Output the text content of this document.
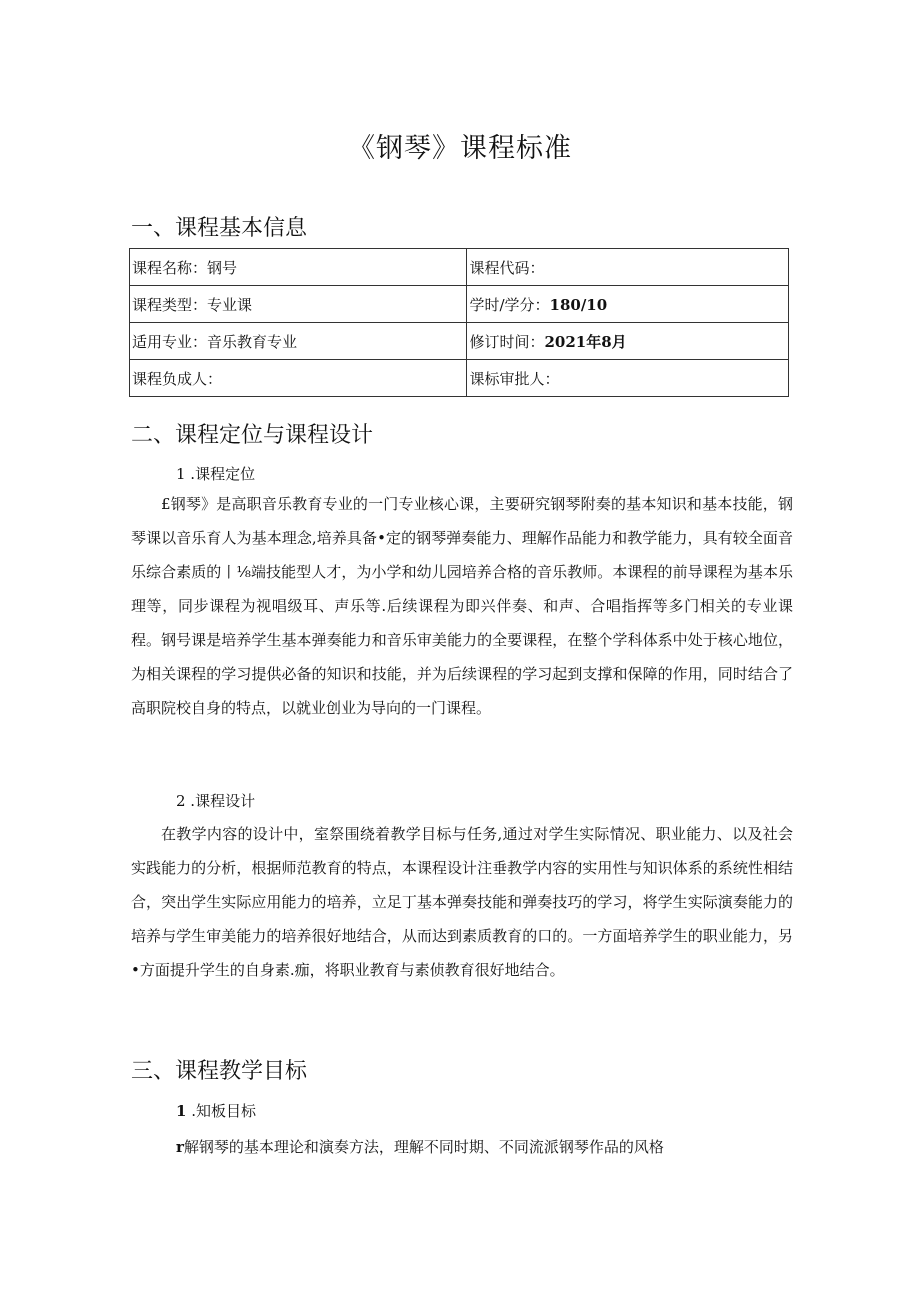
《钢琴》课程标准
一、课程基本信息
课程名称：钢号	课程代码：
课程类型：专业课	学时/学分：180/10
适用专业：音乐教育专业	修订时间：2021年8月
课程负成人：	课标审批人：
二、课程定位与课程设计
1 .课程定位

£钢琴》是高职音乐教育专业的一门专业核心课，主要研究钢琴附奏的基本知识和基本技能，钢琴课以音乐育人为基本理念,培养具备•定的钢琴弹奏能力、理解作品能力和教学能力，具有较全面音乐综合素质的丨⅛端技能型人才，为小学和幼儿园培养合格的音乐教师。本课程的前导课程为基本乐理等，同步课程为视唱级耳、声乐等.后续课程为即兴伴奏、和声、合唱指挥等多门相关的专业课程。钢号课是培养学生基本弹奏能力和音乐审美能力的全要课程，在整个学科体系中处于核心地位，为相关课程的学习提供必备的知识和技能，并为后续课程的学习起到支撑和保障的作用，同时结合了高职院校自身的特点，以就业创业为导向的一门课程。

2 .课程设计

在教学内容的设计中，室祭围绕着教学目标与任务,通过对学生实际情况、职业能力、以及社会实践能力的分析，根据师范教育的特点，本课程设计注垂教学内容的实用性与知识体系的系统性相结合，突出学生实际应用能力的培养，立足丁基本弹奏技能和弹奏技巧的学习，将学生实际演奏能力的培养与学生审美能力的培养很好地结合，从而达到素质教育的口的。一方面培养学生的职业能力，另•方面提升学生的自身素.痂，将职业教育与素侦教育很好地结合。

三、课程教学目标
1 .知板目标
r解钢琴的基本理论和演奏方法，理解不同时期、不同流派钢琴作品的风格
